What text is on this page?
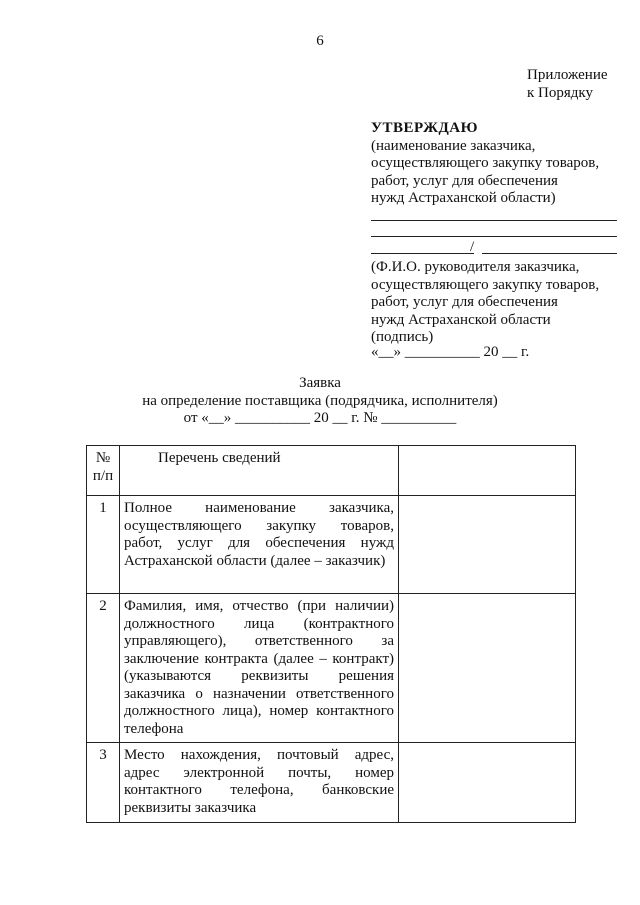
6
Приложение
к Порядку
УТВЕРЖДАЮ
(наименование заказчика,
осуществляющего закупку товаров,
работ, услуг для обеспечения
нужд Астраханской области)
/
(Ф.И.О. руководителя заказчика,
осуществляющего закупку товаров,
работ, услуг для обеспечения
нужд Астраханской области
(подпись)
«__» __________ 20 __ г.
Заявка
на определение поставщика (подрядчика, исполнителя)
от «__» __________ 20 __ г. № __________
№ п/п	Перечень сведений	
1	Полное наименование заказчика, осуществляющего закупку товаров, работ, услуг для обеспечения нужд Астраханской области (далее – заказчик)	
2	Фамилия, имя, отчество (при наличии) должностного лица (контрактного управляющего), ответственного за заключение контракта (далее – контракт) (указываются реквизиты решения заказчика о назначении ответственного должностного лица), номер контактного телефона	
3	Место нахождения, почтовый адрес, адрес электронной почты, номер контактного телефона, банковские реквизиты заказчика	
